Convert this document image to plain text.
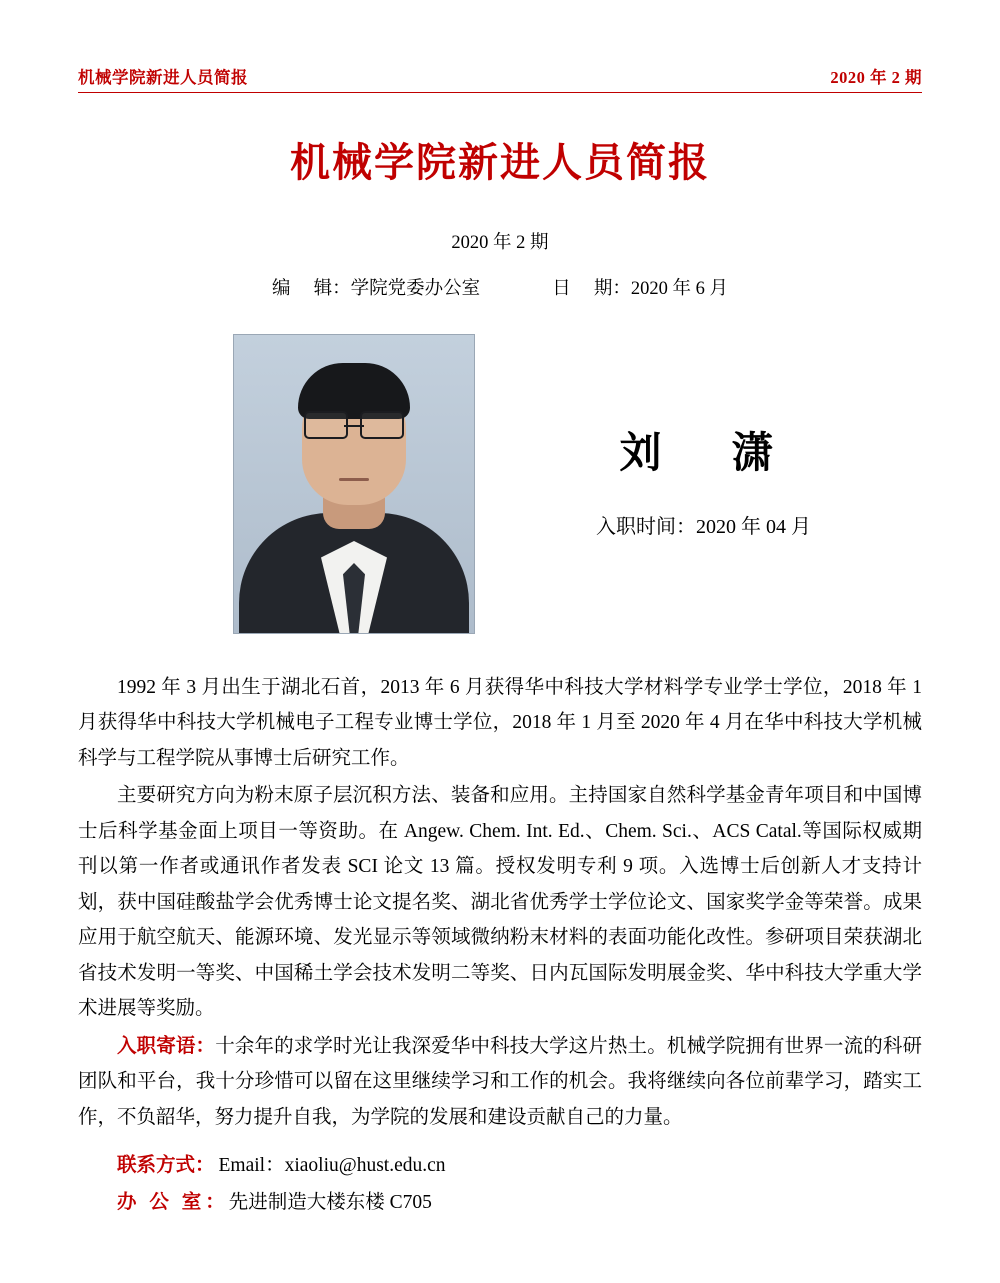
机械学院新进人员简报	2020 年 2 期
机械学院新进人员简报
2020 年 2 期
编　 辑：学院党委办公室	日　 期：2020 年 6 月
刘　潇
入职时间：2020 年 04 月

1992 年 3 月出生于湖北石首，2013 年 6 月获得华中科技大学材料学专业学士学位，2018 年 1 月获得华中科技大学机械电子工程专业博士学位，2018 年 1 月至 2020 年 4 月在华中科技大学机械科学与工程学院从事博士后研究工作。

主要研究方向为粉末原子层沉积方法、装备和应用。主持国家自然科学基金青年项目和中国博士后科学基金面上项目一等资助。在 Angew. Chem. Int. Ed.、Chem. Sci.、ACS Catal.等国际权威期刊以第一作者或通讯作者发表 SCI 论文 13 篇。授权发明专利 9 项。入选博士后创新人才支持计划，获中国硅酸盐学会优秀博士论文提名奖、湖北省优秀学士学位论文、国家奖学金等荣誉。成果应用于航空航天、能源环境、发光显示等领域微纳粉末材料的表面功能化改性。参研项目荣获湖北省技术发明一等奖、中国稀土学会技术发明二等奖、日内瓦国际发明展金奖、华中科技大学重大学术进展等奖励。

入职寄语：十余年的求学时光让我深爱华中科技大学这片热土。机械学院拥有世界一流的科研团队和平台，我十分珍惜可以留在这里继续学习和工作的机会。我将继续向各位前辈学习，踏实工作，不负韶华，努力提升自我，为学院的发展和建设贡献自己的力量。

联系方式： Email：xiaoliu@hust.edu.cn
办 公 室：先进制造大楼东楼 C705
